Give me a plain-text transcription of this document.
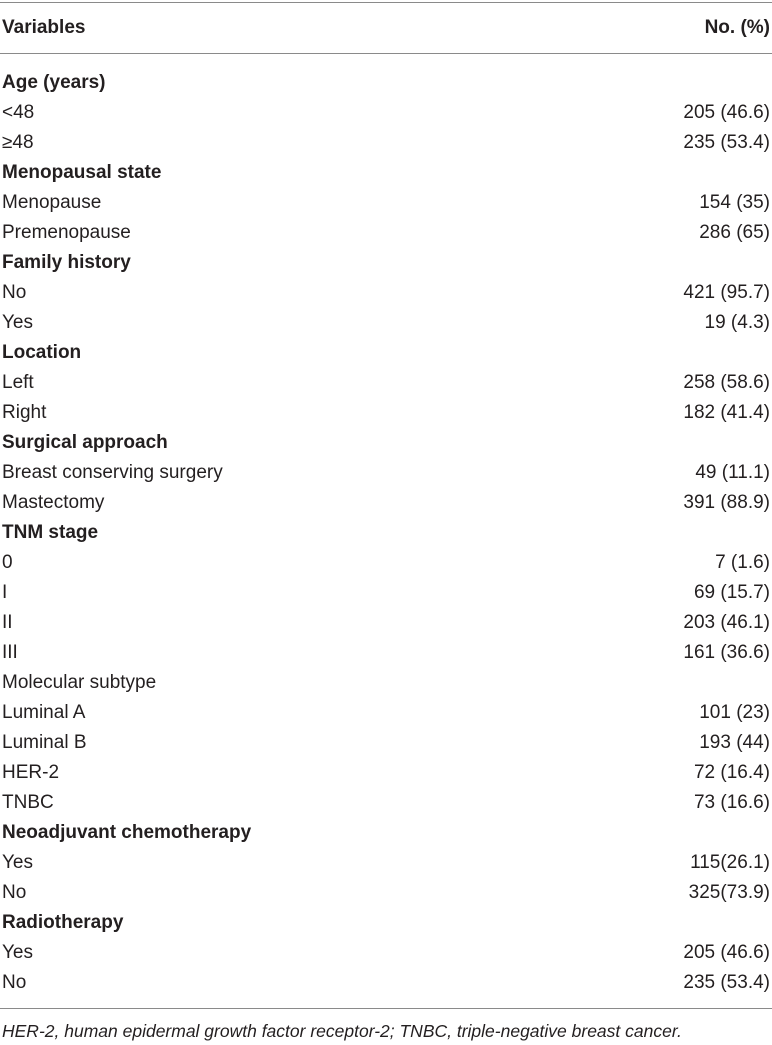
Variables	No. (%)
Age (years)
<48	205 (46.6)
≥48	235 (53.4)
Menopausal state
Menopause	154 (35)
Premenopause	286 (65)
Family history
No	421 (95.7)
Yes	19 (4.3)
Location
Left	258 (58.6)
Right	182 (41.4)
Surgical approach
Breast conserving surgery	49 (11.1)
Mastectomy	391 (88.9)
TNM stage
0	7 (1.6)
I	69 (15.7)
II	203 (46.1)
III	161 (36.6)
Molecular subtype
Luminal A	101 (23)
Luminal B	193 (44)
HER-2	72 (16.4)
TNBC	73 (16.6)
Neoadjuvant chemotherapy
Yes	115(26.1)
No	325(73.9)
Radiotherapy
Yes	205 (46.6)
No	235 (53.4)
HER-2, human epidermal growth factor receptor-2; TNBC, triple-negative breast cancer.
